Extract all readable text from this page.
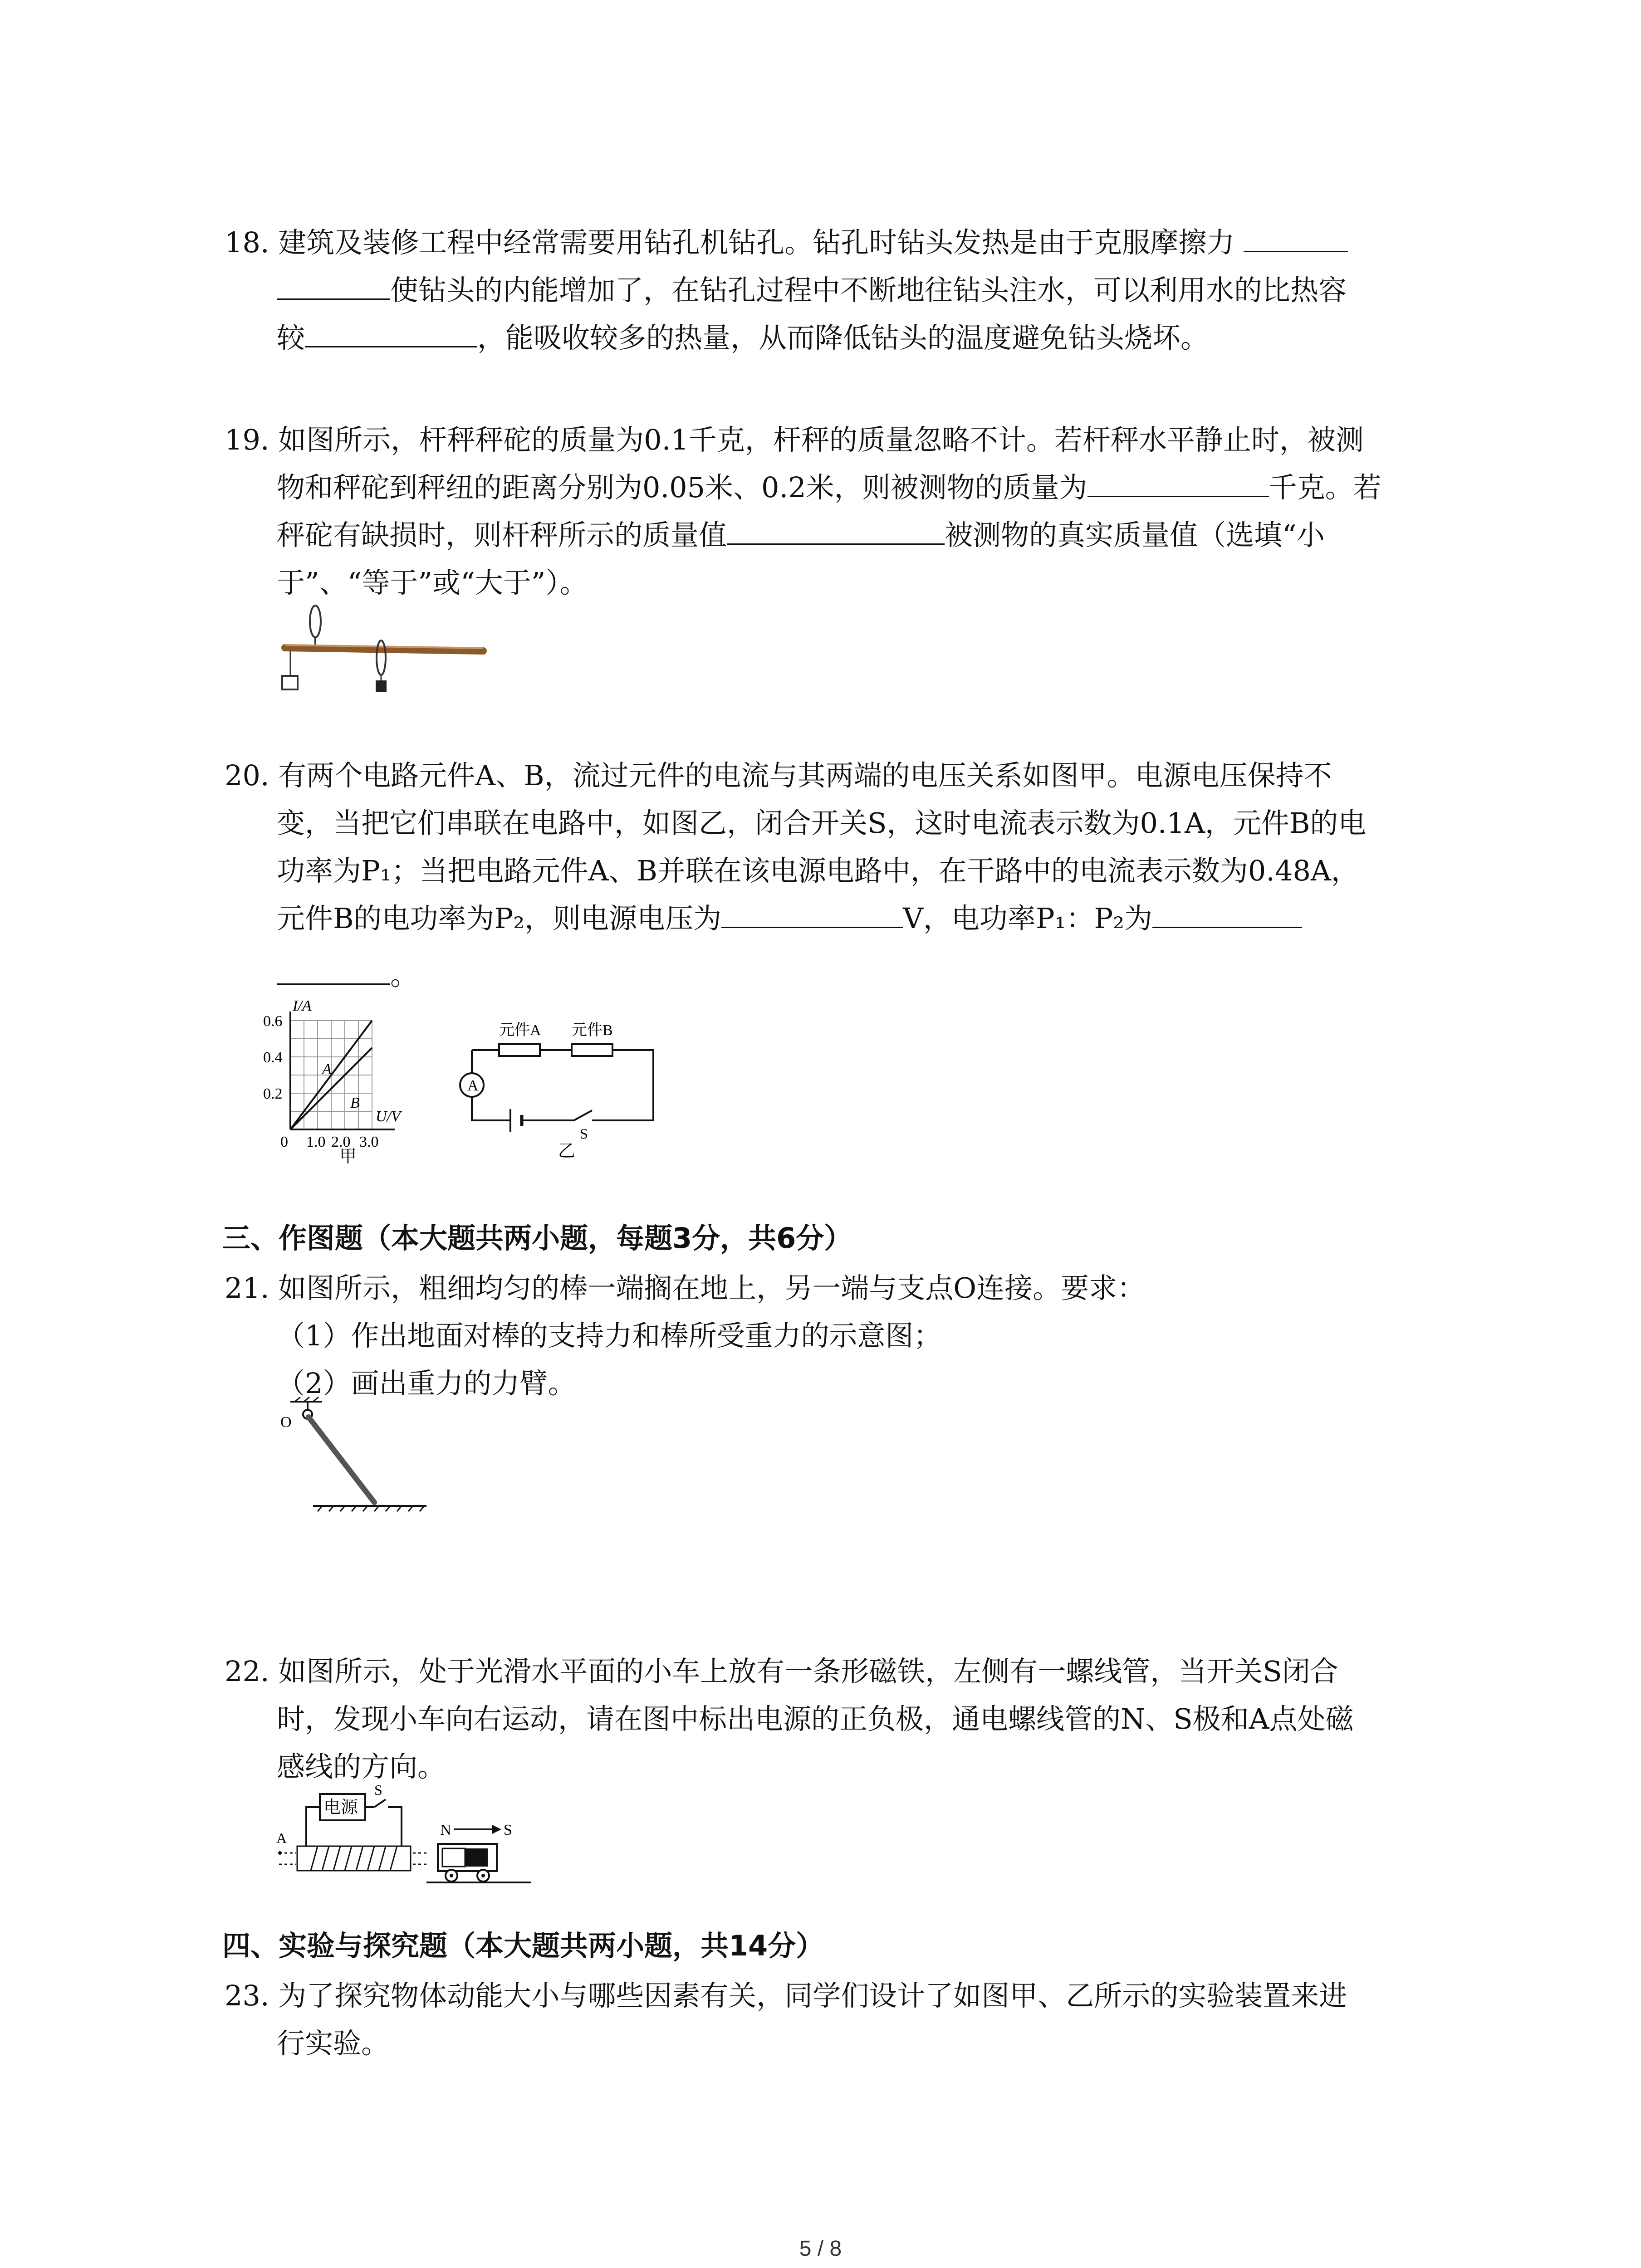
18. 建筑及装修工程中经常需要用钻孔机钻孔。钻孔时钻头发热是由于克服摩擦力
使钻头的内能增加了，在钻孔过程中不断地往钻头注水，可以利用水的比热容
较	，能吸收较多的热量，从而降低钻头的温度避免钻头烧坏。
19. 如图所示，杆秤秤砣的质量为0.1千克，杆秤的质量忽略不计。若杆秤水平静止时，被测
物和秤砣到秤纽的距离分别为0.05米、0.2米，则被测物的质量为	千克。若
秤砣有缺损时，则杆秤所示的质量值	被测物的真实质量值（选填“小
于”、“等于”或“大于”）。
20. 有两个电路元件A、B，流过元件的电流与其两端的电压关系如图甲。电源电压保持不
变，当把它们串联在电路中，如图乙，闭合开关S，这时电流表示数为0.1A，元件B的电
功率为P₁；当把电路元件A、B并联在该电源电路中，在干路中的电流表示数为0.48A，
元件B的电功率为P₂，则电源电压为	V，电功率P₁：P₂为
。
I/A
0.6
0.4
0.2
0 1.0 2.0 3.0
U/V
A
B
甲
A
元件A 元件B
S
乙
三、作图题（本大题共两小题，每题3分，共6分）
21. 如图所示，粗细均匀的棒一端搁在地上，另一端与支点O连接。要求：
（1）作出地面对棒的支持力和棒所受重力的示意图；
（2）画出重力的力臂。
O
22. 如图所示，处于光滑水平面的小车上放有一条形磁铁，左侧有一螺线管，当开关S闭合
时，发现小车向右运动，请在图中标出电源的正负极，通电螺线管的N、S极和A点处磁
感线的方向。
电源
S
A	N	S
四、实验与探究题（本大题共两小题，共14分）
23. 为了探究物体动能大小与哪些因素有关，同学们设计了如图甲、乙所示的实验装置来进
行实验。
5 / 8
